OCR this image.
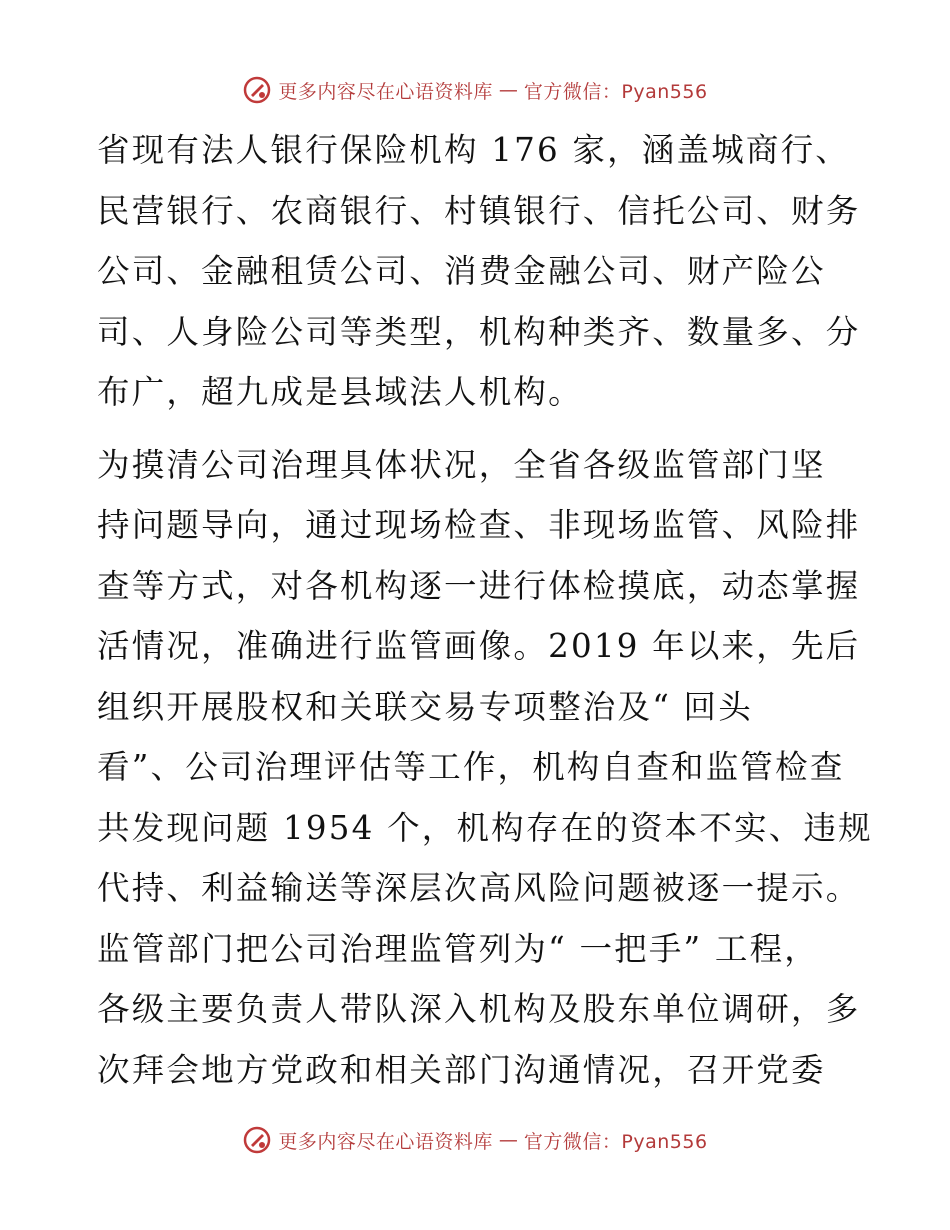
更多内容尽在心语资料库 — 官方微信：Pyan556
省现有法人银行保险机构 176 家，涵盖城商行、
民营银行、农商银行、村镇银行、信托公司、财务
公司、金融租赁公司、消费金融公司、财产险公
司、人身险公司等类型，机构种类齐、数量多、分
布广，超九成是县域法人机构。
为摸清公司治理具体状况，全省各级监管部门坚
持问题导向，通过现场检查、非现场监管、风险排
查等方式，对各机构逐一进行体检摸底，动态掌握
活情况，准确进行监管画像。2019 年以来，先后
组织开展股权和关联交易专项整治及“ 回头
看”、公司治理评估等工作，机构自查和监管检查
共发现问题 1954 个，机构存在的资本不实、违规
代持、利益输送等深层次高风险问题被逐一提示。
监管部门把公司治理监管列为“ 一把手” 工程，
各级主要负责人带队深入机构及股东单位调研，多
次拜会地方党政和相关部门沟通情况，召开党委
更多内容尽在心语资料库 — 官方微信：Pyan556
